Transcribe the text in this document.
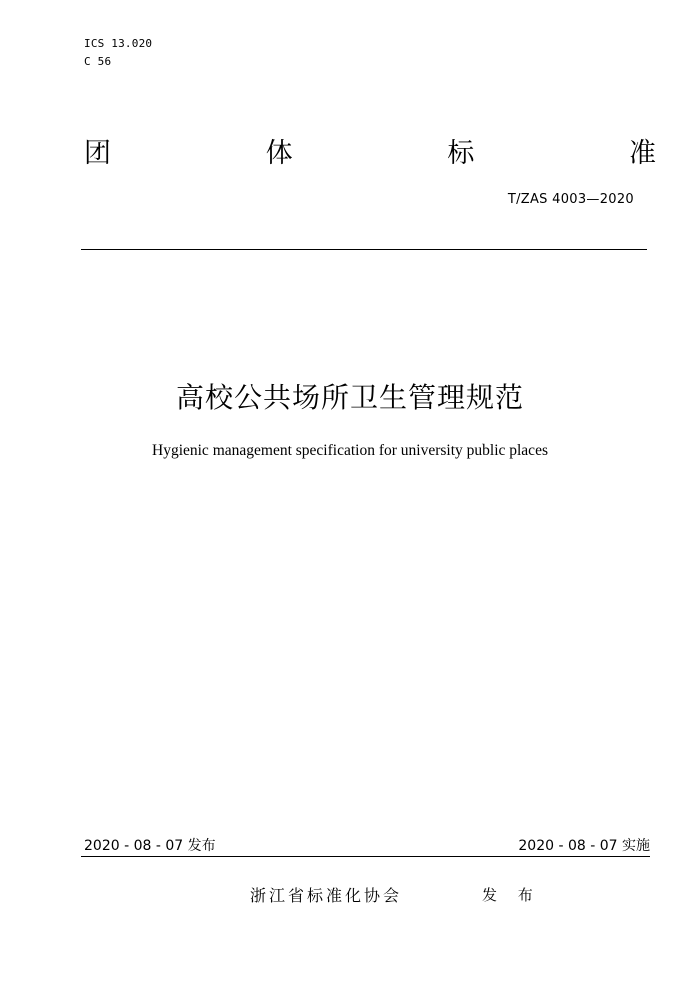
ICS 13.020
C 56
团	体	标	准
T/ZAS 4003—2020
高校公共场所卫生管理规范
Hygienic management specification for university public places
2020 - 08 - 07 发布	2020 - 08 - 07 实施
浙江省标准化协会	发 布
